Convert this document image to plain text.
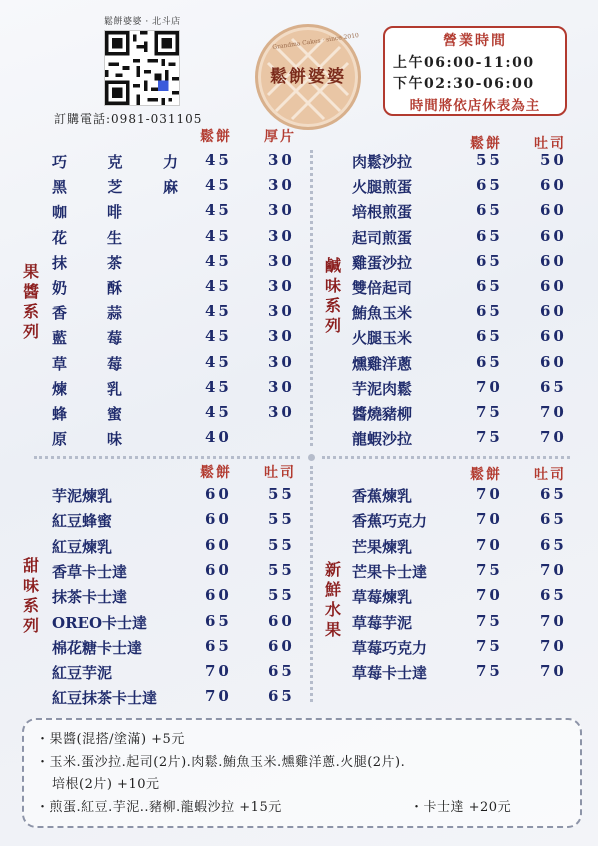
鬆餅婆婆 · 北斗店
訂購電話:0981-031105
Grandma Cakes · since 2010
鬆餅婆婆
營業時間
上午06:00-11:00
下午02:30-06:00
時間將依店休表為主
鬆餅 厚片
果醬系列
巧	克	力 45 30
黑	芝	麻 45 30
咖	啡	45 30
花	生	45 30
抹	茶	45 30
奶	酥	45 30
香	蒜	45 30
藍	莓	45 30
草	莓	45 30
煉	乳	45 30
蜂	蜜	45 30
原	味	40
鬆餅 吐司
鹹味系列
肉鬆沙拉	55 50
火腿煎蛋	65 60
培根煎蛋	65 60
起司煎蛋	65 60
雞蛋沙拉	65 60
雙倍起司	65 60
鮪魚玉米	65 60
火腿玉米	65 60
燻雞洋蔥	65 60
芋泥肉鬆	70 65
醬燒豬柳	75 70
龍蝦沙拉	75 70
鬆餅 吐司
甜味系列
芋泥煉乳	60 55
紅豆蜂蜜	60 55
紅豆煉乳	60 55
香草卡士達	60 55
抹茶卡士達	60 55
OREO卡士達	65 60
棉花糖卡士達	65 60
紅豆芋泥	70 65
紅豆抹茶卡士達	70 65
鬆餅 吐司
新鮮水果
香蕉煉乳	70 65
香蕉巧克力	70 65
芒果煉乳	70 65
芒果卡士達	75 70
草莓煉乳	70 65
草莓芋泥	75 70
草莓巧克力	75 70
草莓卡士達	75 70
・果醬(混搭/塗滿) +5元
・玉米.蛋沙拉.起司(2片).肉鬆.鮪魚玉米.燻雞洋蔥.火腿(2片).
培根(2片) +10元
・煎蛋.紅豆.芋泥..豬柳.龍蝦沙拉 +15元	・卡士達 +20元
